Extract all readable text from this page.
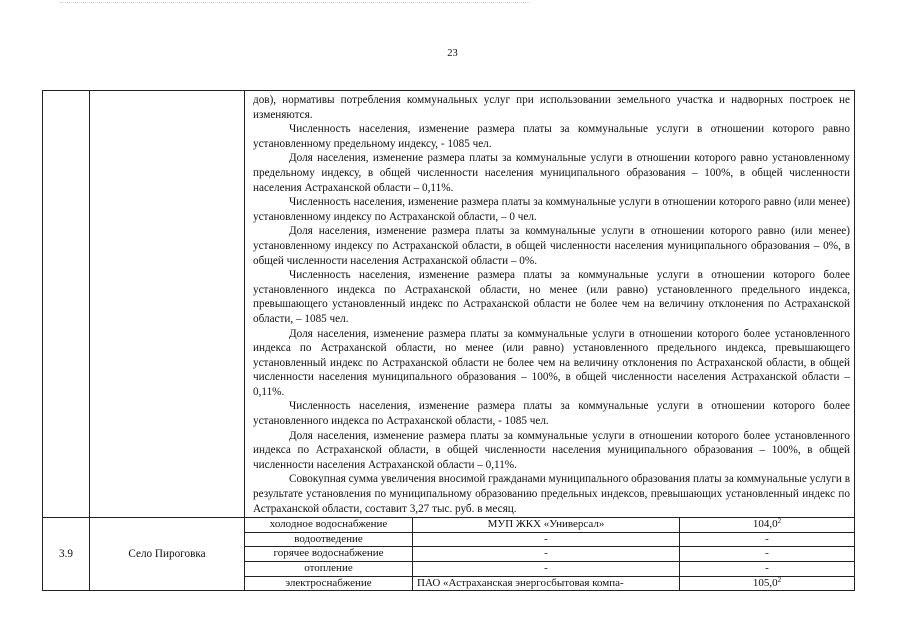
23

дов), нормативы потребления коммунальных услуг при использовании земельного участка и надворных построек не изменяются.

Численность населения, изменение размера платы за коммунальные услуги в отношении которого равно установленному предельному индексу, - 1085 чел.

Доля населения, изменение размера платы за коммунальные услуги в отношении которого равно установленному предельному индексу, в общей численности населения муниципального образования – 100%, в общей численности населения Астраханской области – 0,11%.

Численность населения, изменение размера платы за коммунальные услуги в отношении которого равно (или менее) установленному индексу по Астраханской области, – 0 чел.

Доля населения, изменение размера платы за коммунальные услуги в отношении которого равно (или менее) установленному индексу по Астраханской области, в общей численности населения муниципального образования – 0%, в общей численности населения Астраханской области – 0%.

Численность населения, изменение размера платы за коммунальные услуги в отношении которого более установленного индекса по Астраханской области, но менее (или равно) установленного предельного индекса, превышающего установленный индекс по Астраханской области не более чем на величину отклонения по Астраханской области, – 1085 чел.

Доля населения, изменение размера платы за коммунальные услуги в отношении которого более установленного индекса по Астраханской области, но менее (или равно) установленного предельного индекса, превышающего установленный индекс по Астраханской области не более чем на величину отклонения по Астраханской области, в общей численности населения муниципального образования – 100%, в общей численности населения Астраханской области – 0,11%.

Численность населения, изменение размера платы за коммунальные услуги в отношении которого более установленного индекса по Астраханской области, - 1085 чел.

Доля населения, изменение размера платы за коммунальные услуги в отношении которого более установленного индекса по Астраханской области, в общей численности населения муниципального образования – 100%, в общей численности населения Астраханской области – 0,11%.

Совокупная сумма увеличения вносимой гражданами муниципального образования платы за коммунальные услуги в результате установления по муниципальному образованию предельных индексов, превышающих установленный индекс по Астраханской области, составит 3,27 тыс. руб. в месяц.

3.9	Село Пироговка	
холодное водоснабжение	МУП ЖКХ «Универсал»	104,0$^2$
водоотведение	-	-
горячее водоснабжение	-	-
отопление	-	-
электроснабжение	ПАО «Астраханская энергосбытовая компа-	105,0$^2$
